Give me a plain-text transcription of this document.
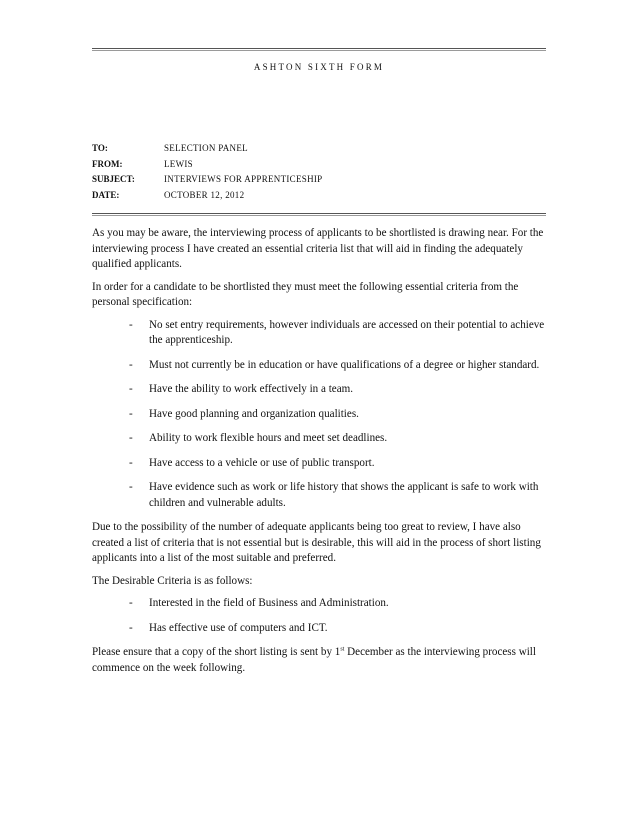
ASHTON SIXTH FORM
TO:	SELECTION PANEL
FROM:	LEWIS
SUBJECT:	INTERVIEWS FOR APPRENTICESHIP
DATE:	OCTOBER 12, 2012

As you may be aware, the interviewing process of applicants to be shortlisted is drawing near. For the interviewing process I have created an essential criteria list that will aid in finding the adequately qualified applicants.

In order for a candidate to be shortlisted they must meet the following essential criteria from the personal specification:

- No set entry requirements, however individuals are accessed on their potential to achieve the apprenticeship.
- Must not currently be in education or have qualifications of a degree or higher standard.
- Have the ability to work effectively in a team.
- Have good planning and organization qualities.
- Ability to work flexible hours and meet set deadlines.
- Have access to a vehicle or use of public transport.
- Have evidence such as work or life history that shows the applicant is safe to work with children and vulnerable adults.

Due to the possibility of the number of adequate applicants being too great to review, I have also created a list of criteria that is not essential but is desirable, this will aid in the process of short listing applicants into a list of the most suitable and preferred.

The Desirable Criteria is as follows:

- Interested in the field of Business and Administration.
- Has effective use of computers and ICT.

Please ensure that a copy of the short listing is sent by 1st December as the interviewing process will commence on the week following.
